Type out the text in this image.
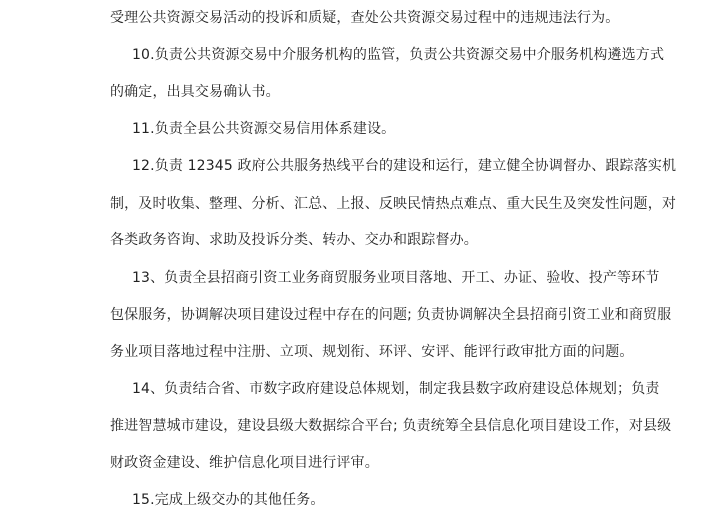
受理公共资源交易活动的投诉和质疑，查处公共资源交易过程中的违规违法行为。

10.负责公共资源交易中介服务机构的监管，负责公共资源交易中介服务机构遴选方式

的确定，出具交易确认书。

11.负责全县公共资源交易信用体系建设。

12.负责 12345 政府公共服务热线平台的建设和运行，建立健全协调督办、跟踪落实机

制，及时收集、整理、分析、汇总、上报、反映民情热点难点、重大民生及突发性问题，对

各类政务咨询、求助及投诉分类、转办、交办和跟踪督办。

13、负责全县招商引资工业务商贸服务业项目落地、开工、办证、验收、投产等环节

包保服务，协调解决项目建设过程中存在的问题; 负责协调解决全县招商引资工业和商贸服

务业项目落地过程中注册、立项、规划衔、环评、安评、能评行政审批方面的问题。

14、负责结合省、市数字政府建设总体规划，制定我县数字政府建设总体规划；负责

推进智慧城市建设，建设县级大数据综合平台; 负责统筹全县信息化项目建设工作，对县级

财政资金建设、维护信息化项目进行评审。

15.完成上级交办的其他任务。
